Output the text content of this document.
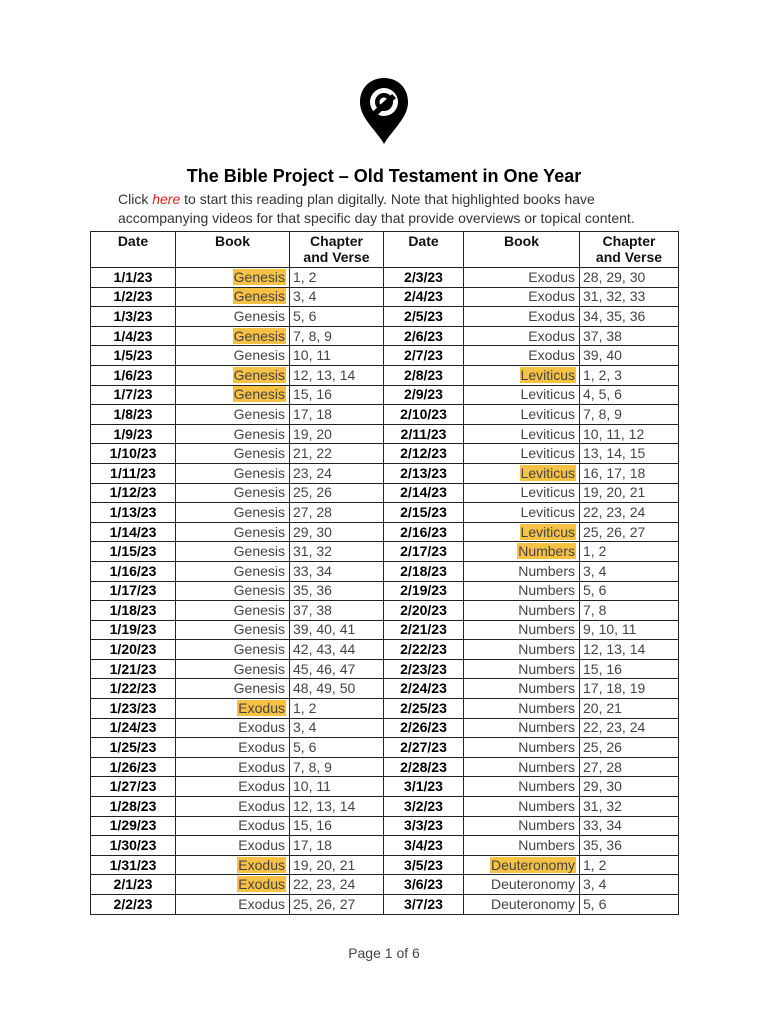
The Bible Project – Old Testament in One Year
Click here to start this reading plan digitally. Note that highlighted books have
accompanying videos for that specific day that provide overviews or topical content.
Date	Book	Chapter
and Verse	Date	Book	Chapter
and Verse
1/1/23	Genesis	1, 2	2/3/23	Exodus	28, 29, 30
1/2/23	Genesis	3, 4	2/4/23	Exodus	31, 32, 33
1/3/23	Genesis	5, 6	2/5/23	Exodus	34, 35, 36
1/4/23	Genesis	7, 8, 9	2/6/23	Exodus	37, 38
1/5/23	Genesis	10, 11	2/7/23	Exodus	39, 40
1/6/23	Genesis	12, 13, 14	2/8/23	Leviticus	1, 2, 3
1/7/23	Genesis	15, 16	2/9/23	Leviticus	4, 5, 6
1/8/23	Genesis	17, 18	2/10/23	Leviticus	7, 8, 9
1/9/23	Genesis	19, 20	2/11/23	Leviticus	10, 11, 12
1/10/23	Genesis	21, 22	2/12/23	Leviticus	13, 14, 15
1/11/23	Genesis	23, 24	2/13/23	Leviticus	16, 17, 18
1/12/23	Genesis	25, 26	2/14/23	Leviticus	19, 20, 21
1/13/23	Genesis	27, 28	2/15/23	Leviticus	22, 23, 24
1/14/23	Genesis	29, 30	2/16/23	Leviticus	25, 26, 27
1/15/23	Genesis	31, 32	2/17/23	Numbers	1, 2
1/16/23	Genesis	33, 34	2/18/23	Numbers	3, 4
1/17/23	Genesis	35, 36	2/19/23	Numbers	5, 6
1/18/23	Genesis	37, 38	2/20/23	Numbers	7, 8
1/19/23	Genesis	39, 40, 41	2/21/23	Numbers	9, 10, 11
1/20/23	Genesis	42, 43, 44	2/22/23	Numbers	12, 13, 14
1/21/23	Genesis	45, 46, 47	2/23/23	Numbers	15, 16
1/22/23	Genesis	48, 49, 50	2/24/23	Numbers	17, 18, 19
1/23/23	Exodus	1, 2	2/25/23	Numbers	20, 21
1/24/23	Exodus	3, 4	2/26/23	Numbers	22, 23, 24
1/25/23	Exodus	5, 6	2/27/23	Numbers	25, 26
1/26/23	Exodus	7, 8, 9	2/28/23	Numbers	27, 28
1/27/23	Exodus	10, 11	3/1/23	Numbers	29, 30
1/28/23	Exodus	12, 13, 14	3/2/23	Numbers	31, 32
1/29/23	Exodus	15, 16	3/3/23	Numbers	33, 34
1/30/23	Exodus	17, 18	3/4/23	Numbers	35, 36
1/31/23	Exodus	19, 20, 21	3/5/23	Deuteronomy	1, 2
2/1/23	Exodus	22, 23, 24	3/6/23	Deuteronomy	3, 4
2/2/23	Exodus	25, 26, 27	3/7/23	Deuteronomy	5, 6
Page 1 of 6
